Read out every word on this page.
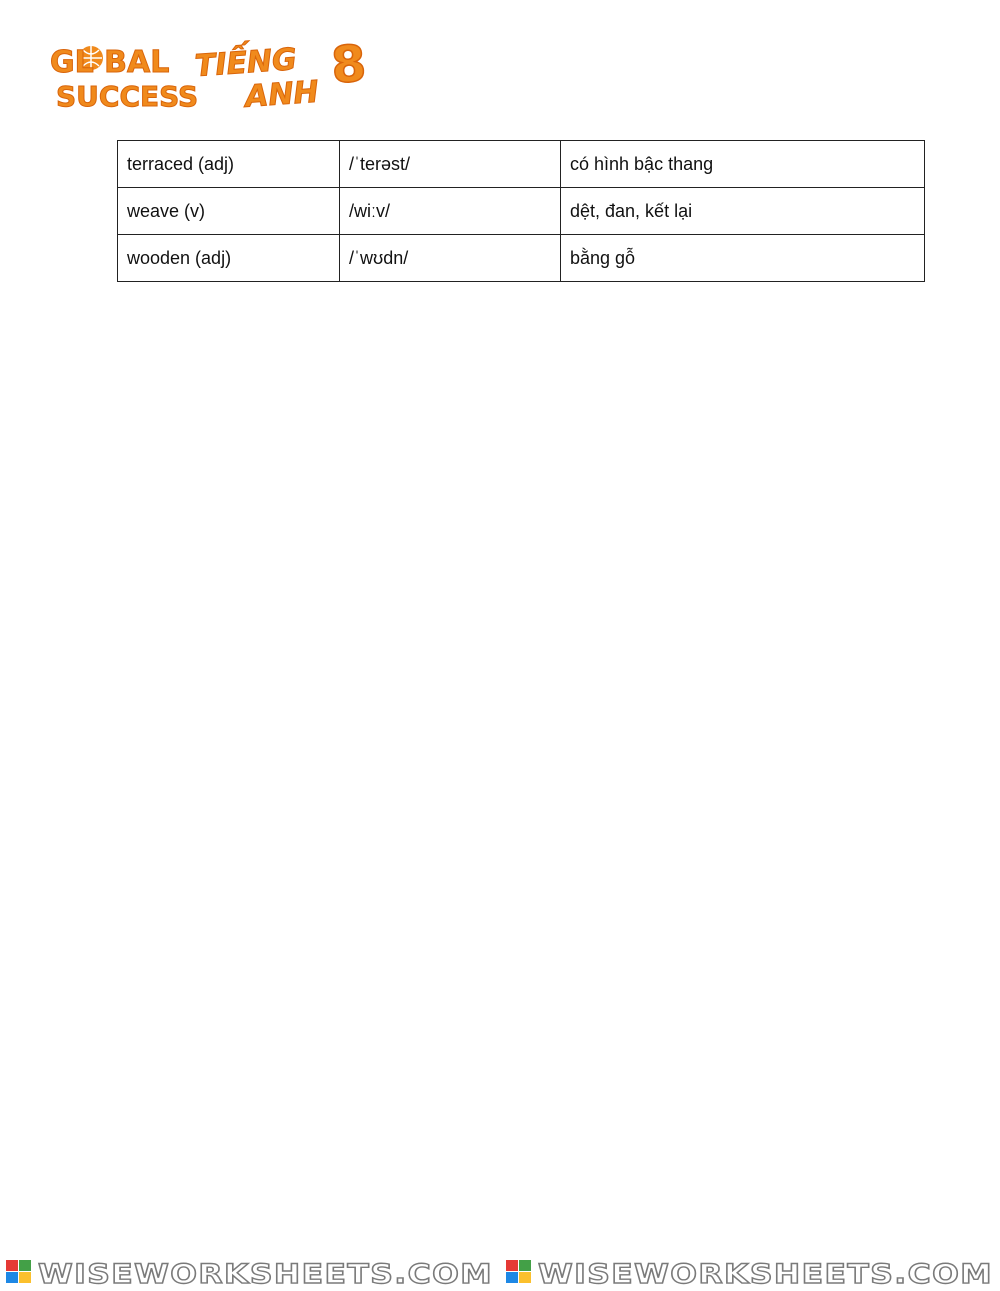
GL BAL
SUCCESS
TIẾNG
ANH
8
terraced (adj)	/ˈterəst/	có hình bậc thang
weave (v)	/wiːv/	dệt, đan, kết lại
wooden (adj)	/ˈwʊdn/	bằng gỗ
WISEWORKSHEETS.COM WISEWORKSHEETS.COM
